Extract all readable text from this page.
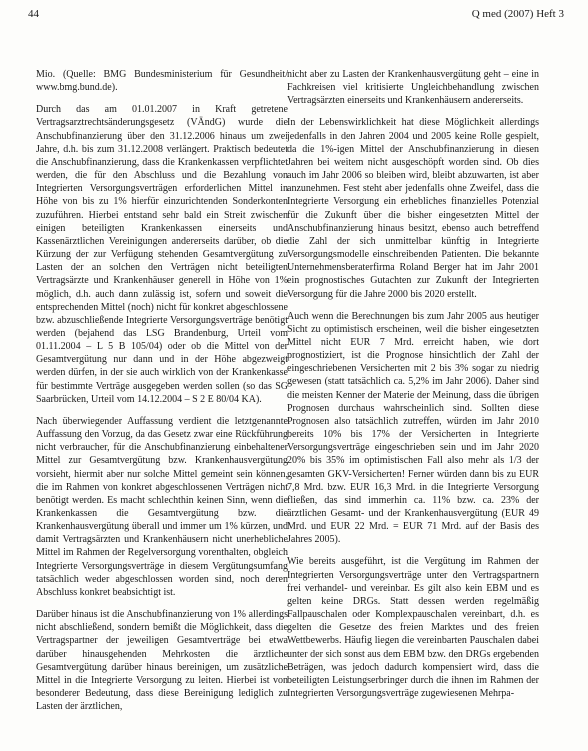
44	Q med (2007) Heft 3

Mio. (Quelle: BMG Bundesministerium für Gesundheit/ www.bmg.bund.de).

Durch das am 01.01.2007 in Kraft getretene Vertragsarztrechtsänderungsgesetz (VÄndG) wurde die Anschubfinanzierung über den 31.12.2006 hinaus um zwei Jahre, d.h. bis zum 31.12.2008 verlängert. Praktisch bedeutet die Anschubfinanzierung, dass die Krankenkassen verpflichtet werden, die für den Abschluss und die Bezahlung von Integrierten Versorgungsverträgen erforderlichen Mittel in Höhe von bis zu 1% hierfür einzurichtenden Sonderkonten zuzuführen. Hierbei entstand sehr bald ein Streit zwischen einigen beteiligten Krankenkassen einerseits und Kassenärztlichen Vereinigungen andererseits darüber, ob die Kürzung der zur Verfügung stehenden Gesamtvergütung zu Lasten der an solchen den Verträgen nicht beteiligten Vertragsärzte und Krankenhäuser generell in Höhe von 1% möglich, d.h. auch dann zulässig ist, sofern und soweit die entsprechenden Mittel (noch) nicht für konkret abgeschlossene bzw. abzuschließende Integrierte Versorgungsverträge benötigt werden (bejahend das LSG Brandenburg, Urteil vom 01.11.2004 – L 5 B 105/04) oder ob die Mittel von der Gesamtvergütung nur dann und in der Höhe abgezweigt werden dürfen, in der sie auch wirklich von der Krankenkasse für bestimmte Verträge ausgegeben werden sollen (so das SG Saarbrücken, Urteil vom 14.12.2004 – S 2 E 80/04 KA).

Nach überwiegender Auffassung verdient die letztgenannte Auffassung den Vorzug, da das Gesetz zwar eine Rückführung nicht verbraucher, für die Anschubfinanzierung einbehaltener Mittel zur Gesamtvergütung bzw. Krankenhausvergütung vorsieht, hiermit aber nur solche Mittel gemeint sein können, die im Rahmen von konkret abgeschlossenen Verträgen nicht benötigt werden. Es macht schlechthin keinen Sinn, wenn die Krankenkassen die Gesamtvergütung bzw. die Krankenhausvergütung überall und immer um 1% kürzen, und damit Vertragsärzten und Krankenhäusern nicht unerhebliche Mittel im Rahmen der Regelversorgung vorenthalten, obgleich Integrierte Versorgungsverträge in diesem Vergütungsumfang tatsächlich weder abgeschlossen worden sind, noch deren Abschluss konkret beabsichtigt ist.

Darüber hinaus ist die Anschubfinanzierung von 1% allerdings nicht abschließend, sondern bemißt die Möglichkeit, dass die Vertragspartner der jeweiligen Gesamtverträge bei etwa darüber hinausgehenden Mehrkosten die ärztliche Gesamtvergütung darüber hinaus bereinigen, um zusätzliche Mittel in die Integrierte Versorgung zu leiten. Hierbei ist von besonderer Bedeutung, dass diese Bereinigung lediglich zu Lasten der ärztlichen,

nicht aber zu Lasten der Krankenhausvergütung geht – eine in Fachkreisen viel kritisierte Ungleichbehandlung zwischen Vertragsärzten einerseits und Krankenhäusern andererseits.

In der Lebenswirklichkeit hat diese Möglichkeit allerdings jedenfalls in den Jahren 2004 und 2005 keine Rolle gespielt, da die 1%-igen Mittel der Anschubfinanzierung in diesen Jahren bei weitem nicht ausgeschöpft worden sind. Ob dies auch im Jahr 2006 so bleiben wird, bleibt abzuwarten, ist aber anzunehmen. Fest steht aber jedenfalls ohne Zweifel, dass die Integrierte Versorgung ein erhebliches finanzielles Potenzial für die Zukunft über die bisher eingesetzten Mittel der Anschubfinanzierung hinaus besitzt, ebenso auch betreffend die Zahl der sich unmittelbar künftig in Integrierte Versorgungsmodelle einschreibenden Patienten. Die bekannte Unternehmensberaterfirma Roland Berger hat im Jahr 2001 ein prognostisches Gutachten zur Zukunft der Integrierten Versorgung für die Jahre 2000 bis 2020 erstellt.

Auch wenn die Berechnungen bis zum Jahr 2005 aus heutiger Sicht zu optimistisch erscheinen, weil die bisher eingesetzten Mittel nicht EUR 7 Mrd. erreicht haben, wie dort prognostiziert, ist die Prognose hinsichtlich der Zahl der eingeschriebenen Versicherten mit 2 bis 3% sogar zu niedrig gewesen (statt tatsächlich ca. 5,2% im Jahr 2006). Daher sind die meisten Kenner der Materie der Meinung, dass die übrigen Prognosen durchaus wahrscheinlich sind. Sollten diese Prognosen also tatsächlich zutreffen, würden im Jahr 2010 bereits 10% bis 17% der Versicherten in Integrierte Versorgungsverträge eingeschrieben sein und im Jahr 2020 20% bis 35% im optimistischen Fall also mehr als 1/3 der gesamten GKV-Versicherten! Ferner würden dann bis zu EUR 7,8 Mrd. bzw. EUR 16,3 Mrd. in die Integrierte Versorgung fließen, das sind immerhin ca. 11% bzw. ca. 23% der ärztlichen Gesamt- und der Krankenhausvergütung (EUR 49 Mrd. und EUR 22 Mrd. = EUR 71 Mrd. auf der Basis des Jahres 2005).

Wie bereits ausgeführt, ist die Vergütung im Rahmen der Integrierten Versorgungsverträge unter den Vertragspartnern frei verhandel- und vereinbar. Es gilt also kein EBM und es gelten keine DRGs. Statt dessen werden regelmäßig Fallpauschalen oder Komplexpauschalen vereinbart, d.h. es gelten die Gesetze des freien Marktes und des freien Wettbewerbs. Häufig liegen die vereinbarten Pauschalen dabei unter der sich sonst aus dem EBM bzw. den DRGs ergebenden Beträgen, was jedoch dadurch kompensiert wird, dass die beteiligten Leistungserbringer durch die ihnen im Rahmen der Integrierten Versorgungsverträge zugewiesenen Mehrpa-
